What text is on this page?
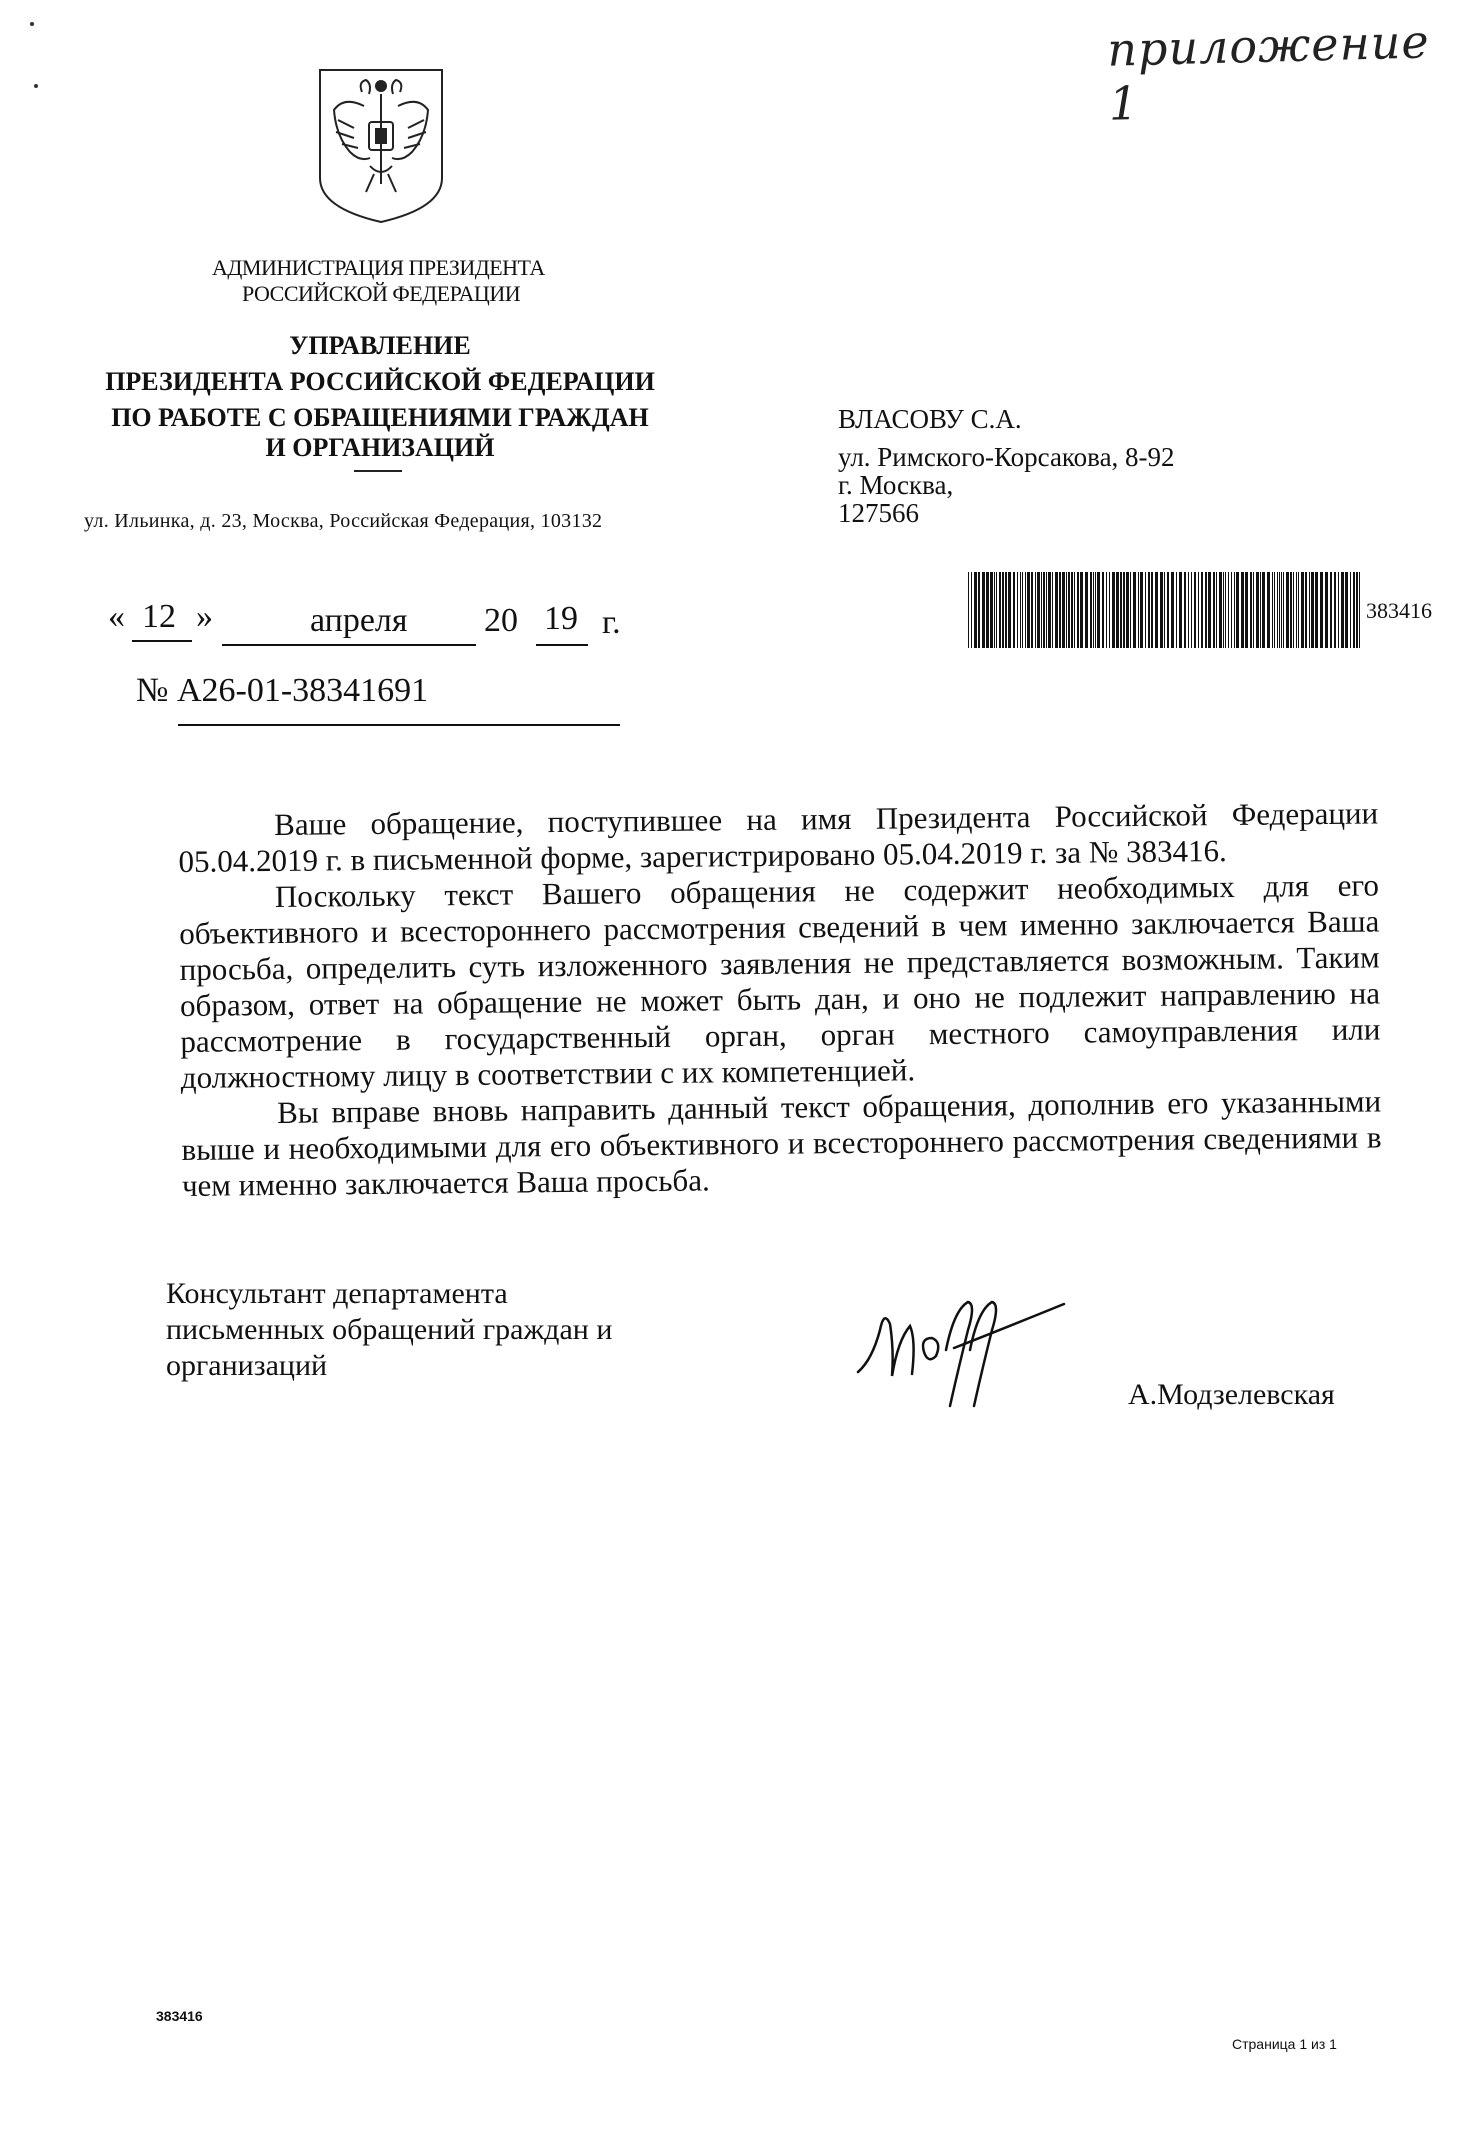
приложение 1
АДМИНИСТРАЦИЯ ПРЕЗИДЕНТА
РОССИЙСКОЙ ФЕДЕРАЦИИ
УПРАВЛЕНИЕ
ПРЕЗИДЕНТА РОССИЙСКОЙ ФЕДЕРАЦИИ
ПО РАБОТЕ С ОБРАЩЕНИЯМИ ГРАЖДАН
И ОРГАНИЗАЦИЙ
ул. Ильинка, д. 23, Москва, Российская Федерация, 103132
ВЛАСОВУ С.А.
ул. Римского-Корсакова, 8-92
г. Москва,
127566
383416
« 12 »	апреля 20 19 г.
№ А26-01-38341691

Ваше обращение, поступившее на имя Президента Российской Федерации 05.04.2019 г. в письменной форме, зарегистрировано 05.04.2019 г. за № 383416.

Поскольку текст Вашего обращения не содержит необходимых для его объективного и всестороннего рассмотрения сведений в чем именно заключается Ваша просьба, определить суть изложенного заявления не представляется возможным. Таким образом, ответ на обращение не может быть дан, и оно не подлежит направлению на рассмотрение в государственный орган, орган местного самоуправления или должностному лицу в соответствии с их компетенцией.

Вы вправе вновь направить данный текст обращения, дополнив его указанными выше и необходимыми для его объективного и всестороннего рассмотрения сведениями в чем именно заключается Ваша просьба.

Консультант департамента
письменных обращений граждан и
организаций
А.Модзелевская
383416
Страница 1 из 1
